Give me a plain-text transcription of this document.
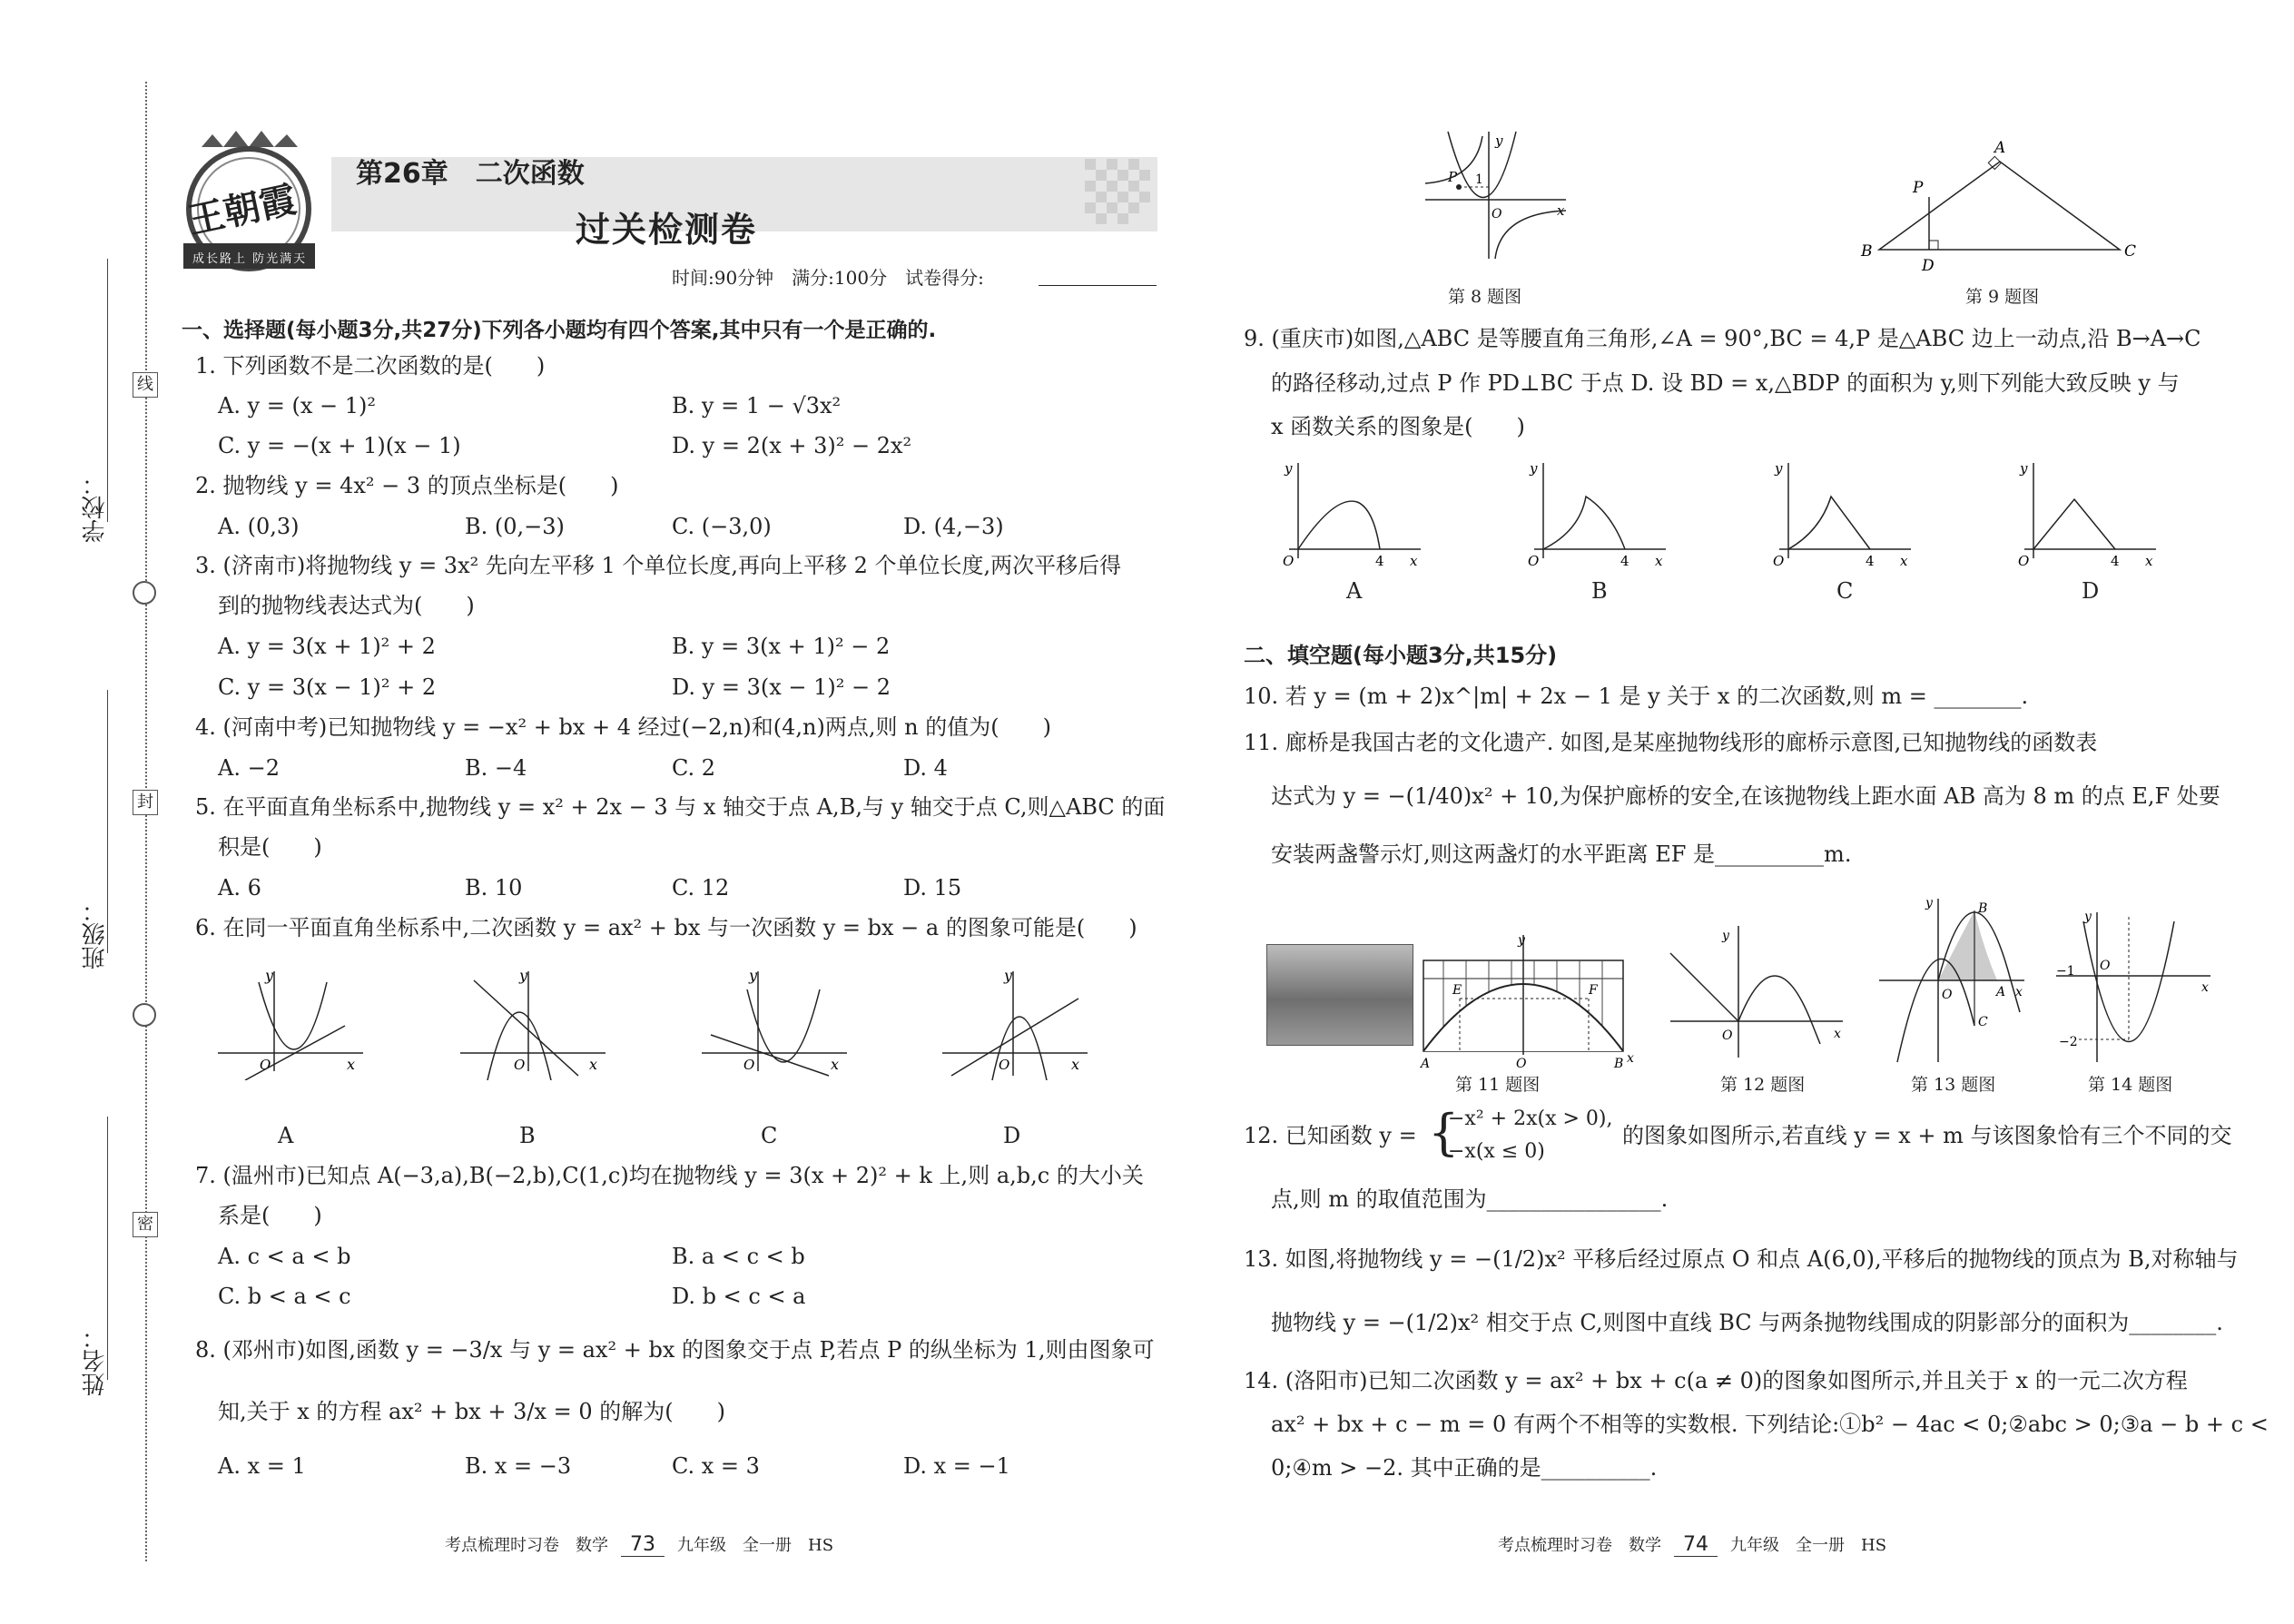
学校：
班级：
姓名：
线
封
密
王朝霞
成长路上 防光满天
第26章　二次函数
过关检测卷
时间:90分钟　满分:100分　试卷得分:
一、选择题(每小题3分,共27分)下列各小题均有四个答案,其中只有一个是正确的.
1. 下列函数不是二次函数的是(　　)
A. y = (x − 1)²	B. y = 1 − √3x²
C. y = −(x + 1)(x − 1)	D. y = 2(x + 3)² − 2x²
2. 抛物线 y = 4x² − 3 的顶点坐标是(　　)
A. (0,3)	B. (0,−3)	C. (−3,0)	D. (4,−3)
3. (济南市)将抛物线 y = 3x² 先向左平移 1 个单位长度,再向上平移 2 个单位长度,两次平移后得
到的抛物线表达式为(　　)
A. y = 3(x + 1)² + 2	B. y = 3(x + 1)² − 2
C. y = 3(x − 1)² + 2	D. y = 3(x − 1)² − 2
4. (河南中考)已知抛物线 y = −x² + bx + 4 经过(−2,n)和(4,n)两点,则 n 的值为(　　)
A. −2	B. −4	C. 2	D. 4
5. 在平面直角坐标系中,抛物线 y = x² + 2x − 3 与 x 轴交于点 A,B,与 y 轴交于点 C,则△ABC 的面
积是(　　)
A. 6	B. 10	C. 12	D. 15
6. 在同一平面直角坐标系中,二次函数 y = ax² + bx 与一次函数 y = bx − a 的图象可能是(　　)
y
x
O
y
x
O
y
x
O
y
x
O
A	B	C	D
7. (温州市)已知点 A(−3,a),B(−2,b),C(1,c)均在抛物线 y = 3(x + 2)² + k 上,则 a,b,c 的大小关
系是(　　)
A. c < a < b	B. a < c < b
C. b < a < c	D. b < c < a
8. (邓州市)如图,函数 y = −3/x 与 y = ax² + bx 的图象交于点 P,若点 P 的纵坐标为 1,则由图象可
知,关于 x 的方程 ax² + bx + 3/x = 0 的解为(　　)
A. x = 1	B. x = −3	C. x = 3	D. x = −1
考点梳理时习卷　数学 73 九年级　全一册　HS
y
x
O
P 1
第 8 题图
A
P
B	C
D
第 9 题图
9. (重庆市)如图,△ABC 是等腰直角三角形,∠A = 90°,BC = 4,P 是△ABC 边上一动点,沿 B→A→C
的路径移动,过点 P 作 PD⊥BC 于点 D. 设 BD = x,△BDP 的面积为 y,则下列能大致反映 y 与
x 函数关系的图象是(　　)
y
x
O	4
y
x
O	4
y
x
O	4
y
x
O	4
A	B	C	D
二、填空题(每小题3分,共15分)
10. 若 y = (m + 2)x^|m| + 2x − 1 是 y 关于 x 的二次函数,则 m = ________.
11. 廊桥是我国古老的文化遗产. 如图,是某座抛物线形的廊桥示意图,已知抛物线的函数表
达式为 y = −(1/40)x² + 10,为保护廊桥的安全,在该抛物线上距水面 AB 高为 8 m 的点 E,F 处要
安装两盏警示灯,则这两盏灯的水平距离 EF 是__________m.
y
E	F
A	O	B x
第 11 题图
y
x
O
第 12 题图
y
x
O
B
A
C
第 13 题图
y
x
−1 O
−2
第 14 题图
12. 已知函数 y = {
−x² + 2x(x > 0),
−x(x ≤ 0)
的图象如图所示,若直线 y = x + m 与该图象恰有三个不同的交
点,则 m 的取值范围为________________.
13. 如图,将抛物线 y = −(1/2)x² 平移后经过原点 O 和点 A(6,0),平移后的抛物线的顶点为 B,对称轴与
抛物线 y = −(1/2)x² 相交于点 C,则图中直线 BC 与两条抛物线围成的阴影部分的面积为________.
14. (洛阳市)已知二次函数 y = ax² + bx + c(a ≠ 0)的图象如图所示,并且关于 x 的一元二次方程
ax² + bx + c − m = 0 有两个不相等的实数根. 下列结论:①b² − 4ac < 0;②abc > 0;③a − b + c <
0;④m > −2. 其中正确的是__________.
考点梳理时习卷　数学 74 九年级　全一册　HS
